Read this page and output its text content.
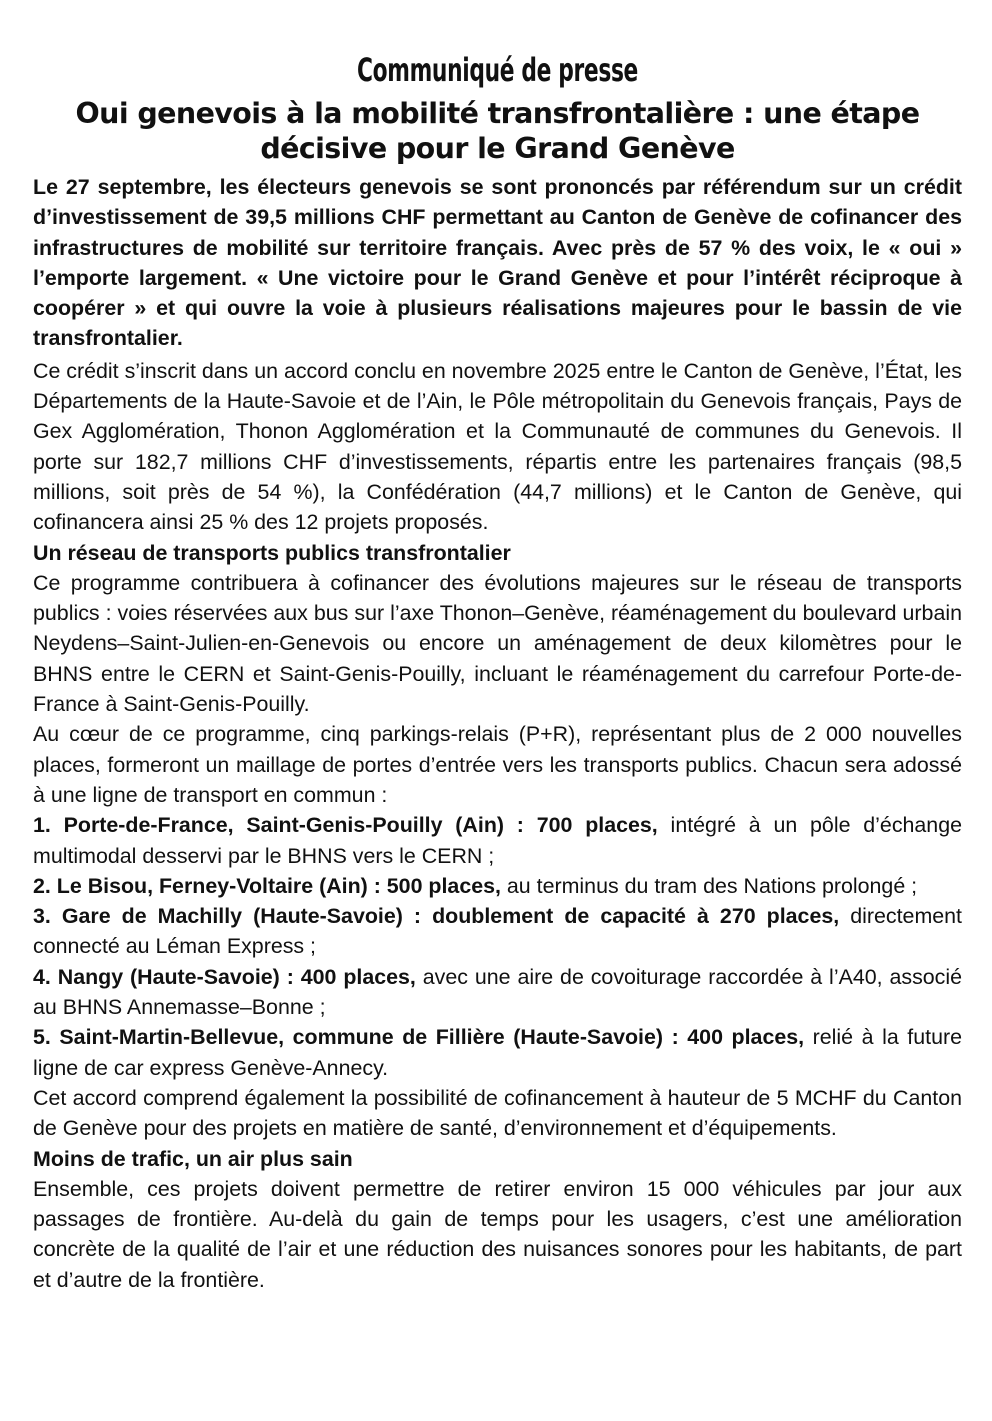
Communiqué de presse
Oui genevois à la mobilité transfrontalière : une étape décisive pour le Grand Genève

Le 27 septembre, les électeurs genevois se sont prononcés par référendum sur un crédit d’investissement de 39,5 millions CHF permettant au Canton de Genève de cofinancer des infrastructures de mobilité sur territoire français. Avec près de 57 % des voix, le « oui » l’emporte largement. « Une victoire pour le Grand Genève et pour l’intérêt réciproque à coopérer » et qui ouvre la voie à plusieurs réalisations majeures pour le bassin de vie transfrontalier.

Ce crédit s’inscrit dans un accord conclu en novembre 2025 entre le Canton de Genève, l’État, les Départements de la Haute-Savoie et de l’Ain, le Pôle métropolitain du Genevois français, Pays de Gex Agglomération, Thonon Agglomération et la Communauté de communes du Genevois. Il porte sur 182,7 millions CHF d’investissements, répartis entre les partenaires français (98,5 millions, soit près de 54 %), la Confédération (44,7 millions) et le Canton de Genève, qui cofinancera ainsi 25 % des 12 projets proposés.

Un réseau de transports publics transfrontalier

Ce programme contribuera à cofinancer des évolutions majeures sur le réseau de transports publics : voies réservées aux bus sur l’axe Thonon–Genève, réaménagement du boulevard urbain Neydens–Saint-Julien-en-Genevois ou encore un aménagement de deux kilomètres pour le BHNS entre le CERN et Saint-Genis-Pouilly, incluant le réaménagement du carrefour Porte-de-France à Saint-Genis-Pouilly.

Au cœur de ce programme, cinq parkings-relais (P+R), représentant plus de 2 000 nouvelles places, formeront un maillage de portes d’entrée vers les transports publics. Chacun sera adossé à une ligne de transport en commun :

1. Porte-de-France, Saint-Genis-Pouilly (Ain) : 700 places, intégré à un pôle d’échange multimodal desservi par le BHNS vers le CERN ;

2. Le Bisou, Ferney-Voltaire (Ain) : 500 places, au terminus du tram des Nations prolongé ;

3. Gare de Machilly (Haute-Savoie) : doublement de capacité à 270 places, directement connecté au Léman Express ;

4. Nangy (Haute-Savoie) : 400 places, avec une aire de covoiturage raccordée à l’A40, associé au BHNS Annemasse–Bonne ;

5. Saint-Martin-Bellevue, commune de Fillière (Haute-Savoie) : 400 places, relié à la future ligne de car express Genève-Annecy.

Cet accord comprend également la possibilité de cofinancement à hauteur de 5 MCHF du Canton de Genève pour des projets en matière de santé, d’environnement et d’équipements.

Moins de trafic, un air plus sain

Ensemble, ces projets doivent permettre de retirer environ 15 000 véhicules par jour aux passages de frontière. Au-delà du gain de temps pour les usagers, c’est une amélioration concrète de la qualité de l’air et une réduction des nuisances sonores pour les habitants, de part et d’autre de la frontière.
